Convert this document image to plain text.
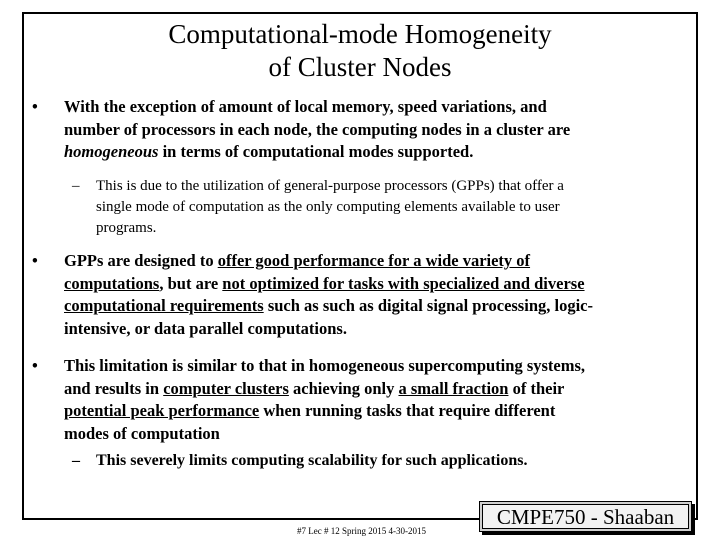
Computational-mode Homogeneity
of Cluster Nodes
• With the exception of amount of local memory, speed variations, and
number of processors in each node, the computing nodes in a cluster are
homogeneous in terms of computational modes supported.
– This is due to the utilization of general-purpose processors (GPPs) that offer a
single mode of computation as the only computing elements available to user
programs.
• GPPs are designed to offer good performance for a wide variety of
computations, but are not optimized for tasks with specialized and diverse
computational requirements such as such as digital signal processing, logic-
intensive, or data parallel computations.
• This limitation is similar to that in homogeneous supercomputing systems,
and results in computer clusters achieving only a small fraction of their
potential peak performance when running tasks that require different
modes of computation
– This severely limits computing scalability for such applications.
#7 Lec # 12 Spring 2015 4-30-2015
CMPE750 - Shaaban
